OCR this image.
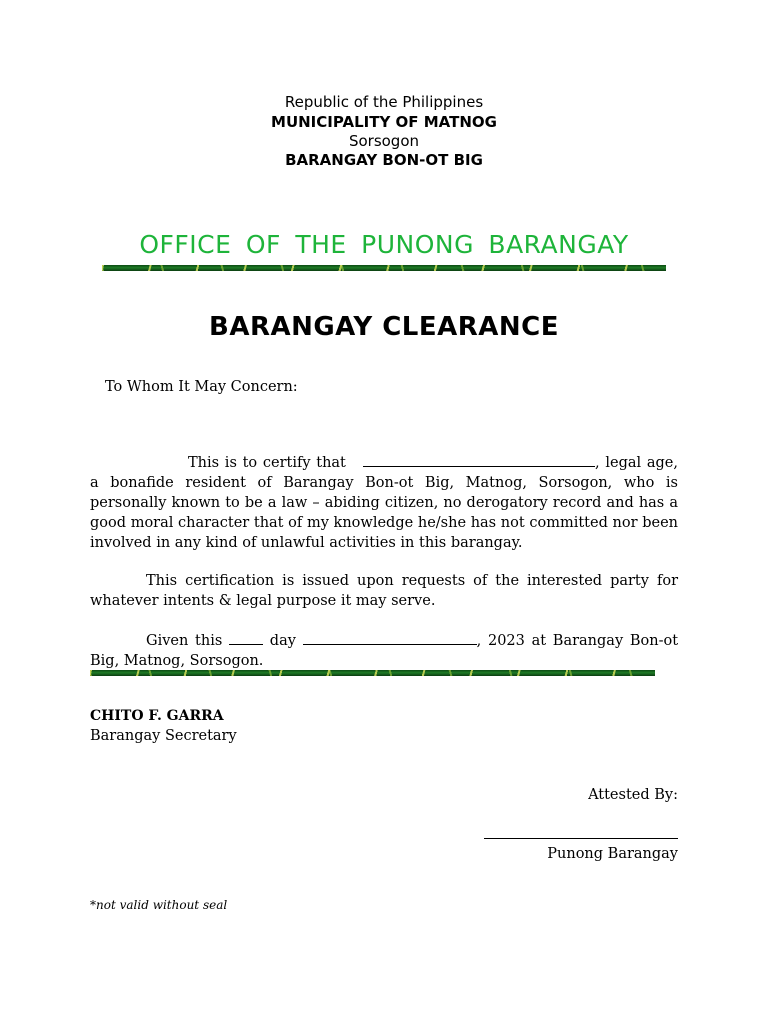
Republic of the Philippines
MUNICIPALITY OF MATNOG
Sorsogon
BARANGAY BON-OT BIG
OFFICE OF THE PUNONG BARANGAY
BARANGAY CLEARANCE
To Whom It May Concern:

This is to certify that	, legal age, a bonafide resident of Barangay Bon-ot Big, Matnog, Sorsogon, who is personally known to be a law – abiding citizen, no derogatory record and has a good moral character that of my knowledge he/she has not committed nor been involved in any kind of unlawful activities in this barangay.

This certification is issued upon requests of the interested party for whatever intents & legal purpose it may serve.

Given this	day	, 2023 at Barangay Bon-ot Big, Matnog, Sorsogon.

CHITO F. GARRA
Barangay Secretary
Attested By:
Punong Barangay
*not valid without seal
